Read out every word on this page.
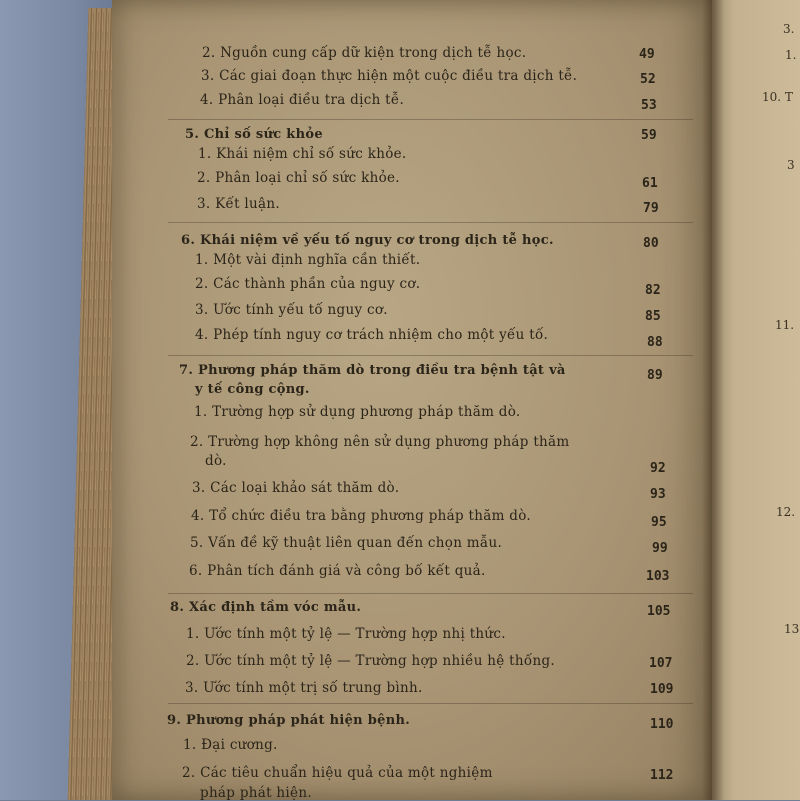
2. Nguồn cung cấp dữ kiện trong dịch tễ học.	49
3. Các giai đoạn thực hiện một cuộc điều tra dịch tễ.	52
4. Phân loại điều tra dịch tễ.	53
5. Chỉ số sức khỏe	59
1. Khái niệm chỉ số sức khỏe.
2. Phân loại chỉ số sức khỏe.	61
3. Kết luận.	79
6. Khái niệm về yếu tố nguy cơ trong dịch tễ học.	80
1. Một vài định nghĩa cần thiết.
2. Các thành phần của nguy cơ.	82
3. Ước tính yếu tố nguy cơ.	85
4. Phép tính nguy cơ trách nhiệm cho một yếu tố.	88
7. Phương pháp thăm dò trong điều tra bệnh tật và	89
y tế công cộng.
1. Trường hợp sử dụng phương pháp thăm dò.
2. Trường hợp không nên sử dụng phương pháp thăm
dò.	92
3. Các loại khảo sát thăm dò.	93
4. Tổ chức điều tra bằng phương pháp thăm dò.	95
5. Vấn đề kỹ thuật liên quan đến chọn mẫu.	99
6. Phân tích đánh giá và công bố kết quả.	103
8. Xác định tầm vóc mẫu.	105
1. Ước tính một tỷ lệ — Trường hợp nhị thức.
2. Ước tính một tỷ lệ — Trường hợp nhiều hệ thống.	107
3. Ước tính một trị số trung bình.	109
9. Phương pháp phát hiện bệnh.	110
1. Đại cương.
2. Các tiêu chuẩn hiệu quả của một nghiệm	112
pháp phát hiện.
3.
1.
10. T
3
11.
12.
13
